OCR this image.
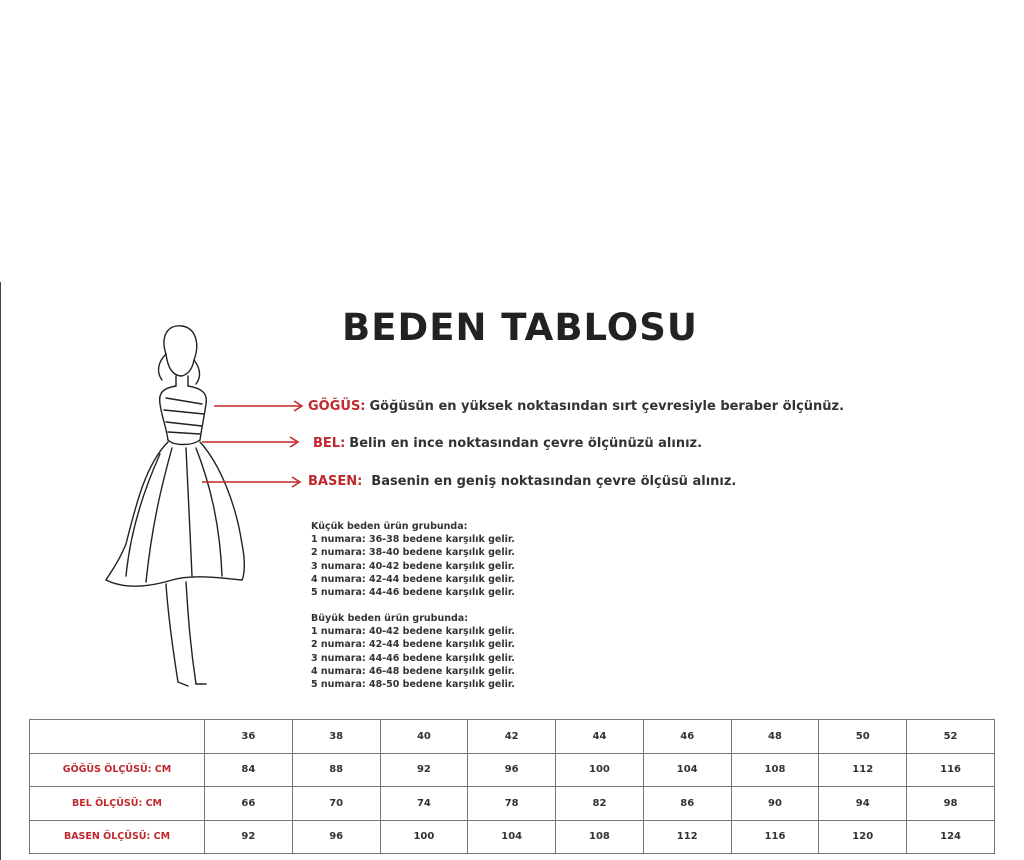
BEDEN TABLOSU
GÖĞÜS: Göğüsün en yüksek noktasından sırt çevresiyle beraber ölçünüz.
BEL: Belin en ince noktasından çevre ölçünüzü alınız.
BASEN: Basenin en geniş noktasından çevre ölçüsü alınız.
Küçük beden ürün grubunda:
1 numara: 36-38 bedene karşılık gelir.
2 numara: 38-40 bedene karşılık gelir.
3 numara: 40-42 bedene karşılık gelir.
4 numara: 42-44 bedene karşılık gelir.
5 numara: 44-46 bedene karşılık gelir.
Büyük beden ürün grubunda:
1 numara: 40-42 bedene karşılık gelir.
2 numara: 42-44 bedene karşılık gelir.
3 numara: 44-46 bedene karşılık gelir.
4 numara: 46-48 bedene karşılık gelir.
5 numara: 48-50 bedene karşılık gelir.
	36	38	40	42	44	46	48	50	52
GÖĞÜS ÖLÇÜSÜ: CM	84	88	92	96	100	104	108	112	116
BEL ÖLÇÜSÜ: CM	66	70	74	78	82	86	90	94	98
BASEN ÖLÇÜSÜ: CM	92	96	100	104	108	112	116	120	124
